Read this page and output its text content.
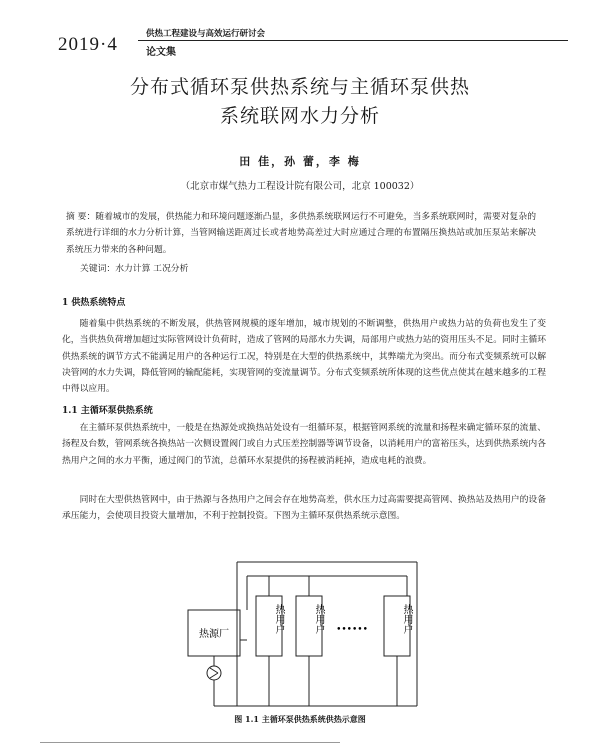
2019·4	供热工程建设与高效运行研讨会
论文集
分布式循环泵供热系统与主循环泵供热
系统联网水力分析
田 佳，孙 蕾，李 梅
（北京市煤气热力工程设计院有限公司，北京 100032）
摘 要：随着城市的发展，供热能力和环境问题逐渐凸显，多供热系统联网运行不可避免，当多系统联网时，需要对复杂的系统进行详细的水力分析计算，当管网输送距离过长或者地势高差过大时应通过合理的布置隔压换热站或加压泵站来解决系统压力带来的各种问题。
关键词：水力计算 工况分析
1 供热系统特点
随着集中供热系统的不断发展，供热管网规模的逐年增加，城市规划的不断调整，供热用户或热力站的负荷也发生了变化，当供热负荷增加超过实际管网设计负荷时，造成了管网的局部水力失调，局部用户或热力站的资用压头不足。同时主循环供热系统的调节方式不能满足用户的各种运行工况，特别是在大型的供热系统中，其弊端尤为突出。而分布式变频系统可以解决管网的水力失调，降低管网的输配能耗，实现管网的变流量调节。分布式变频系统所体现的这些优点使其在越来越多的工程中得以应用。
1.1 主循环泵供热系统
在主循环泵供热系统中，一般是在热源处或换热站处设有一组循环泵，根据管网系统的流量和扬程来确定循环泵的流量、扬程及台数，管网系统各换热站一次侧设置阀门或自力式压差控制器等调节设备，以消耗用户的富裕压头，达到供热系统内各热用户之间的水力平衡，通过阀门的节流，总循环水泵提供的扬程被消耗掉，造成电耗的浪费。
同时在大型供热管网中，由于热源与各热用户之间会存在地势高差，供水压力过高需要提高管网、换热站及热用户的设备承压能力，会使项目投资大量增加，不利于控制投资。下图为主循环泵供热系统示意图。
热源厂
热用户 热用户	热用户
••••••
图 1.1 主循环泵供热系统供热示意图
